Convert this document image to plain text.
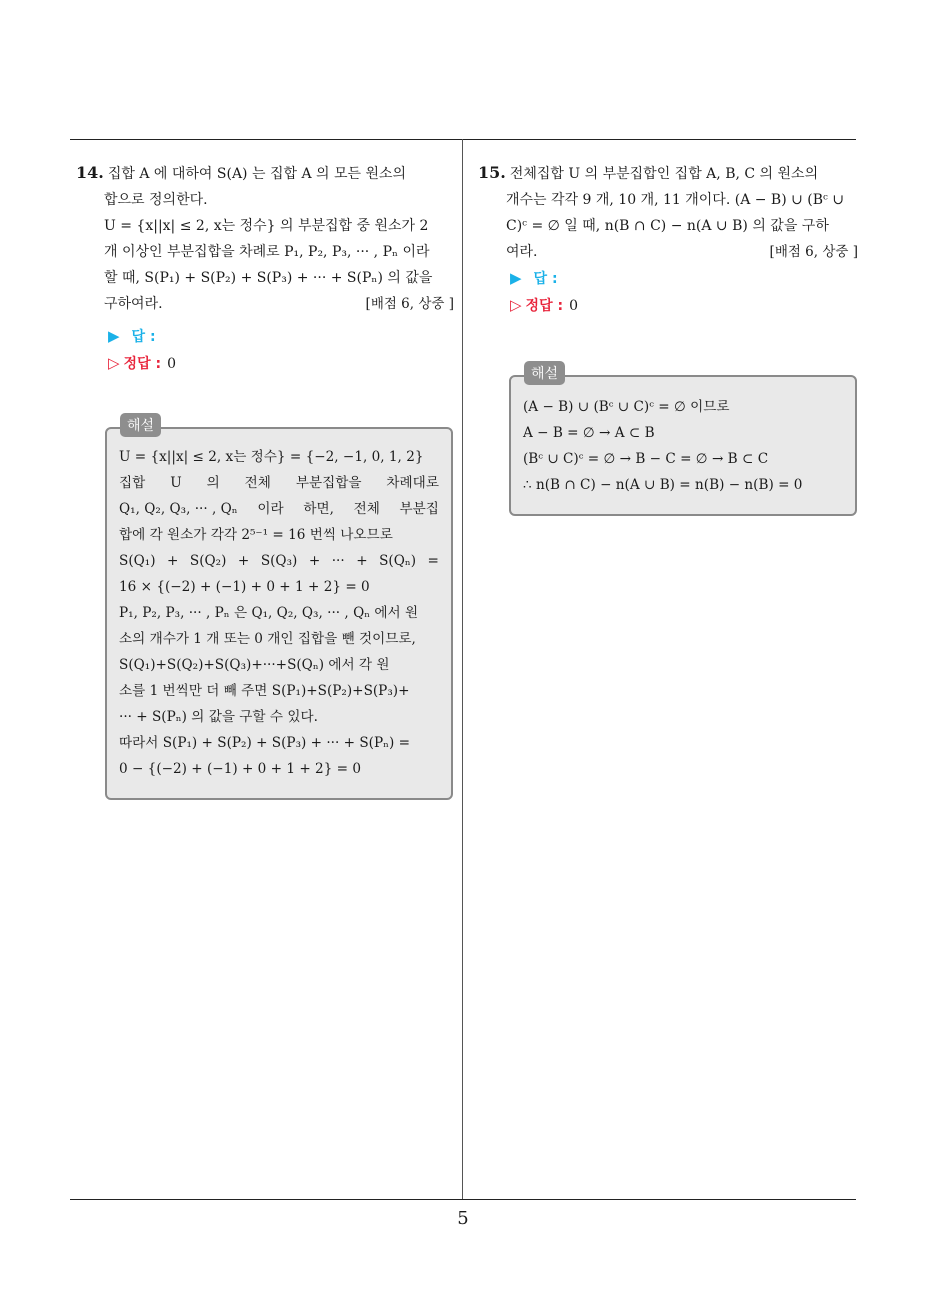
14. 집합 A 에 대하여 S(A) 는 집합 A 의 모든 원소의
합으로 정의한다.
U = {x||x| ≤ 2, x는 정수} 의 부분집합 중 원소가 2
개 이상인 부분집합을 차례로 P₁, P₂, P₃, ··· , Pₙ 이라
할 때, S(P₁) + S(P₂) + S(P₃) + ··· + S(Pₙ) 의 값을
구하여라.	[배점 6, 상중 ]
▶ 답 :
▷ 정답 : 0
U = {x||x| ≤ 2, x는 정수} = {−2, −1, 0, 1, 2}
집합 U 의 전체 부분집합을 차례대로
Q₁, Q₂, Q₃, ··· , Qₙ 이라 하면, 전체 부분집
합에 각 원소가 각각 2⁵⁻¹ = 16 번씩 나오므로
S(Q₁) + S(Q₂) + S(Q₃) + ··· + S(Qₙ) =
16 × {(−2) + (−1) + 0 + 1 + 2} = 0
P₁, P₂, P₃, ··· , Pₙ 은 Q₁, Q₂, Q₃, ··· , Qₙ 에서 원
소의 개수가 1 개 또는 0 개인 집합을 뺀 것이므로,
S(Q₁)+S(Q₂)+S(Q₃)+···+S(Qₙ) 에서 각 원
소를 1 번씩만 더 빼 주면 S(P₁)+S(P₂)+S(P₃)+
··· + S(Pₙ) 의 값을 구할 수 있다.
따라서 S(P₁) + S(P₂) + S(P₃) + ··· + S(Pₙ) =
0 − {(−2) + (−1) + 0 + 1 + 2} = 0
해설
15. 전체집합 U 의 부분집합인 집합 A, B, C 의 원소의
개수는 각각 9 개, 10 개, 11 개이다. (A − B) ∪ (Bᶜ ∪
C)ᶜ = ∅ 일 때, n(B ∩ C) − n(A ∪ B) 의 값을 구하
여라.	[배점 6, 상중 ]
▶ 답 :
▷ 정답 : 0
(A − B) ∪ (Bᶜ ∪ C)ᶜ = ∅ 이므로
A − B = ∅ → A ⊂ B
(Bᶜ ∪ C)ᶜ = ∅ → B − C = ∅ → B ⊂ C
∴ n(B ∩ C) − n(A ∪ B) = n(B) − n(B) = 0
해설
5
